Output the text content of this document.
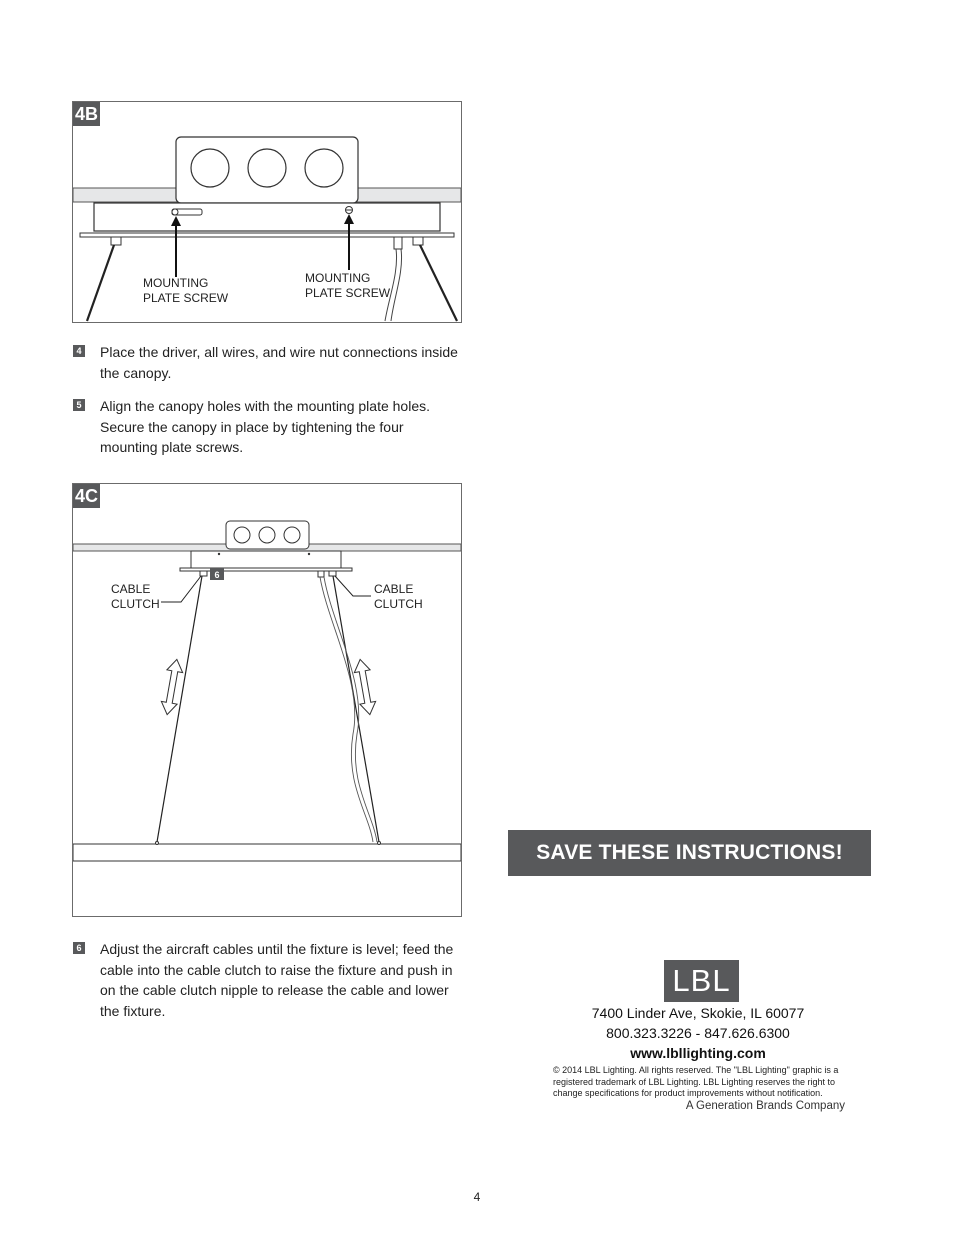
4B
MOUNTING
PLATE SCREW
MOUNTING
PLATE SCREW
4 Place the driver, all wires, and wire nut connections inside the canopy.
5 Align the canopy holes with the mounting plate holes. Secure the canopy in place by tightening the four mounting plate screws.
6
4C
CABLE
CLUTCH
CABLE
CLUTCH
6 Adjust the aircraft cables until the fixture is level; feed the cable into the cable clutch to raise the fixture and push in on the cable clutch nipple to release the cable and lower the fixture.
SAVE THESE INSTRUCTIONS!
LBL
7400 Linder Ave, Skokie, IL 60077
800.323.3226 - 847.626.6300
www.lbllighting.com
© 2014 LBL Lighting. All rights reserved. The "LBL Lighting" graphic is a registered trademark of LBL Lighting. LBL Lighting reserves the right to change specifications for product improvements without notification.
A Generation Brands Company
4
